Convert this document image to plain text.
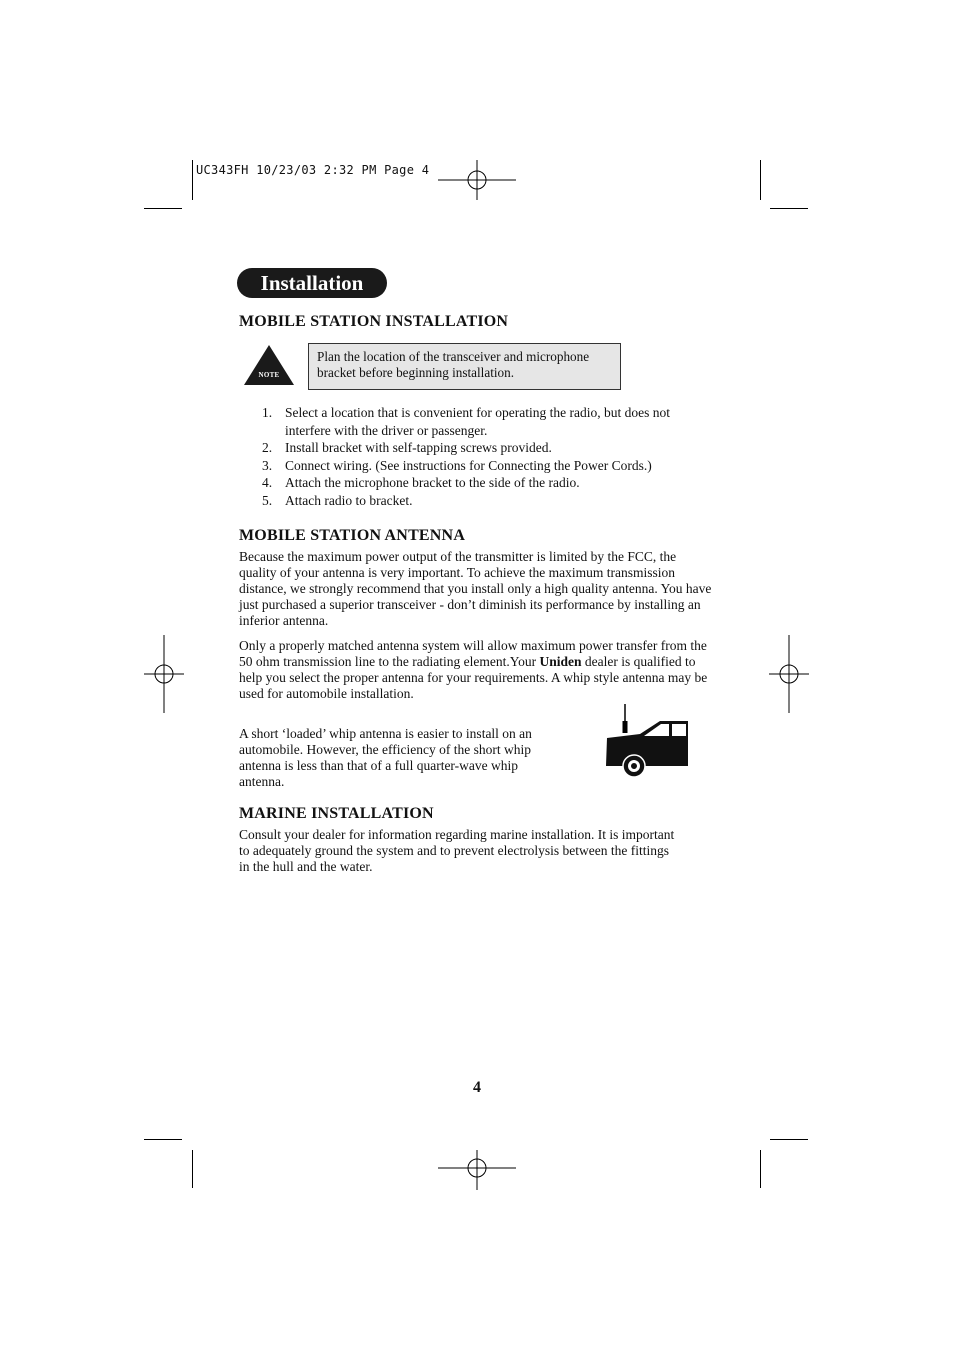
UC343FH 10/23/03 2:32 PM Page 4
Installation
MOBILE STATION INSTALLATION
NOTE
Plan the location of the transceiver and microphone bracket before beginning installation.
1. Select a location that is convenient for operating the radio, but does not interfere with the driver or passenger.
2. Install bracket with self-tapping screws provided.
3. Connect wiring. (See instructions for Connecting the Power Cords.)
4. Attach the microphone bracket to the side of the radio.
5. Attach radio to bracket.
MOBILE STATION ANTENNA
Because the maximum power output of the transmitter is limited by the FCC, the quality of your antenna is very important. To achieve the maximum transmission distance, we strongly recommend that you install only a high quality antenna. You have just purchased a superior transceiver - don’t diminish its performance by installing an inferior antenna.
Only a properly matched antenna system will allow maximum power transfer from the 50 ohm transmission line to the radiating element.Your Uniden dealer is qualified to help you select the proper antenna for your requirements. A whip style antenna may be used for automobile installation.
A short ‘loaded’ whip antenna is easier to install on an automobile. However, the efficiency of the short whip antenna is less than that of a full quarter-wave whip antenna.
MARINE INSTALLATION
Consult your dealer for information regarding marine installation. It is important to adequately ground the system and to prevent electrolysis between the fittings in the hull and the water.
4
